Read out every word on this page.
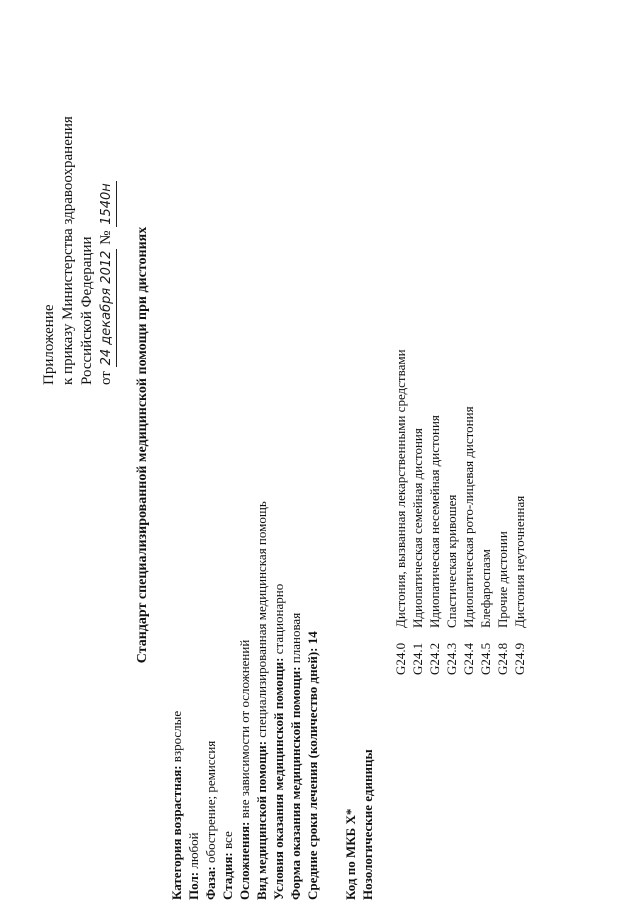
Приложение к приказу Министерства здравоохранения Российской Федерации от 24 декабря 2012 № 1540н
Стандарт специализированной медицинской помощи при дистониях
Категория возрастная: взрослые
Пол: любой
Фаза: обострение; ремиссия
Стадия: все Осложнения: вне зависимости от осложнений
Вид медицинской помощи: специализированная медицинская помощь
Условия оказания медицинской помощи: стационарно
Форма оказания медицинской помощи: плановая
Средние сроки лечения (количество дней): 14
Код по МКБ X* Нозологические единицы
G24.0
Дистония, вызванная лекарственными средствами
G24.1
Идиопатическая семейная дистония
G24.2
Идиопатическая несемейная дистония
G24.3
Спастическая кривошея
G24.4
Идиопатическая рото-лицевая дистония
G24.5
Блефароспазм
G24.8
Прочие дистонии
G24.9
Дистония неуточненная
